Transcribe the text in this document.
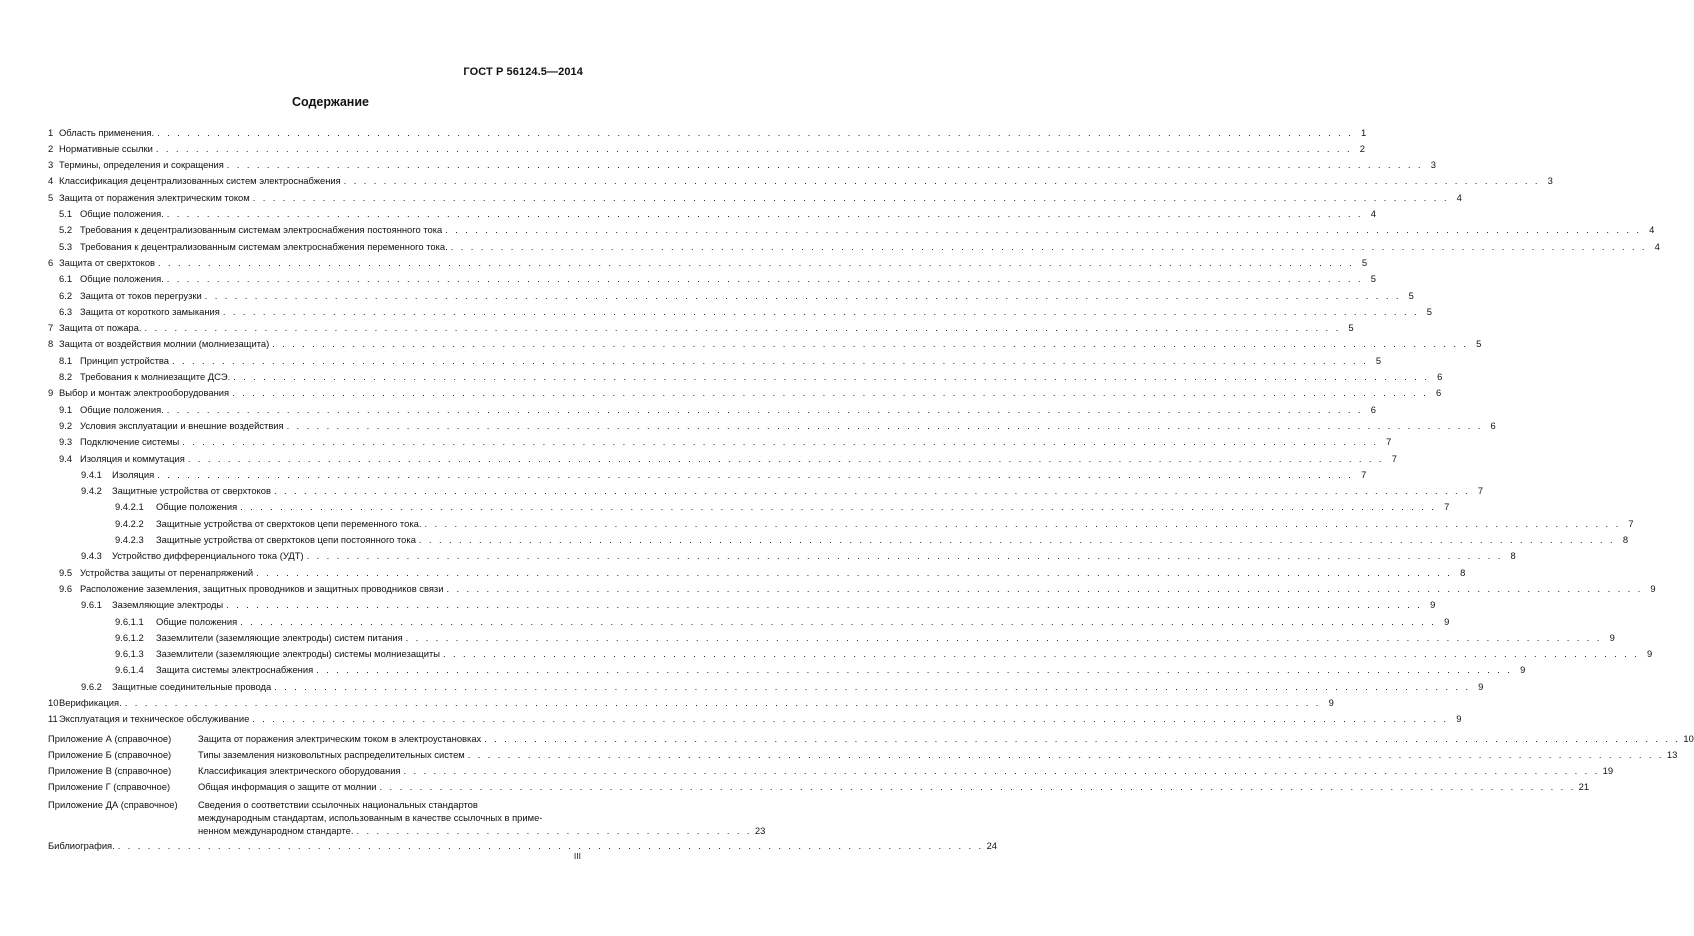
ГОСТ Р 56124.5—2014
Содержание
1 Область применения. . . . . . . . . . . . . . . . . . . . . . . . . . . . . . . . . . . . . . . . . . . . . . . . . . . . . . . . . . . . . . . . . . . . . . . . . . . . . . . . . . . . . . . . . . . . . . . . . . . . . . . . . . . . . . . . . . . . . . . . . 1
2 Нормативные ссылки . . . . . . . . . . . . . . . . . . . . . . . . . . . . . . . . . . . . . . . . . . . . . . . . . . . . . . . . . . . . . . . . . . . . . . . . . . . . . . . . . . . . . . . . . . . . . . . . . . . . . . . . . . . . . . . . . . . . . . . . 2
3 Термины, определения и сокращения . . . . . . . . . . . . . . . . . . . . . . . . . . . . . . . . . . . . . . . . . . . . . . . . . . . . . . . . . . . . . . . . . . . . . . . . . . . . . . . . . . . . . . . . . . . . . . . . . . . . . . . . . . . . . . . . . . . . . . . . 3
4 Классификация децентрализованных систем электроснабжения . . . . . . . . . . . . . . . . . . . . . . . . . . . . . . . . . . . . . . . . . . . . . . . . . . . . . . . . . . . . . . . . . . . . . . . . . . . . . . . . . . . . . . . . . . . . . . . . . . . . . . . . . . . . . . . . . . . . . . . . 3
5 Защита от поражения электрическим током . . . . . . . . . . . . . . . . . . . . . . . . . . . . . . . . . . . . . . . . . . . . . . . . . . . . . . . . . . . . . . . . . . . . . . . . . . . . . . . . . . . . . . . . . . . . . . . . . . . . . . . . . . . . . . . . . . . . . . . . 4
5.1 Общие положения. . . . . . . . . . . . . . . . . . . . . . . . . . . . . . . . . . . . . . . . . . . . . . . . . . . . . . . . . . . . . . . . . . . . . . . . . . . . . . . . . . . . . . . . . . . . . . . . . . . . . . . . . . . . . . . . . . . . . . . . . 4
5.2 Требования к децентрализованным системам электроснабжения постоянного тока . . . . . . . . . . . . . . . . . . . . . . . . . . . . . . . . . . . . . . . . . . . . . . . . . . . . . . . . . . . . . . . . . . . . . . . . . . . . . . . . . . . . . . . . . . . . . . . . . . . . . . . . . . . . . . . . . . . . . . . . 4
5.3 Требования к децентрализованным системам электроснабжения переменного тока. . . . . . . . . . . . . . . . . . . . . . . . . . . . . . . . . . . . . . . . . . . . . . . . . . . . . . . . . . . . . . . . . . . . . . . . . . . . . . . . . . . . . . . . . . . . . . . . . . . . . . . . . . . . . . . . . . . . . . . . . 4
6 Защита от сверхтоков . . . . . . . . . . . . . . . . . . . . . . . . . . . . . . . . . . . . . . . . . . . . . . . . . . . . . . . . . . . . . . . . . . . . . . . . . . . . . . . . . . . . . . . . . . . . . . . . . . . . . . . . . . . . . . . . . . . . . . . . 5
6.1 Общие положения. . . . . . . . . . . . . . . . . . . . . . . . . . . . . . . . . . . . . . . . . . . . . . . . . . . . . . . . . . . . . . . . . . . . . . . . . . . . . . . . . . . . . . . . . . . . . . . . . . . . . . . . . . . . . . . . . . . . . . . . . 5
6.2 Защита от токов перегрузки . . . . . . . . . . . . . . . . . . . . . . . . . . . . . . . . . . . . . . . . . . . . . . . . . . . . . . . . . . . . . . . . . . . . . . . . . . . . . . . . . . . . . . . . . . . . . . . . . . . . . . . . . . . . . . . . . . . . . . . . 5
6.3 Защита от короткого замыкания . . . . . . . . . . . . . . . . . . . . . . . . . . . . . . . . . . . . . . . . . . . . . . . . . . . . . . . . . . . . . . . . . . . . . . . . . . . . . . . . . . . . . . . . . . . . . . . . . . . . . . . . . . . . . . . . . . . . . . . . 5
7 Защита от пожара. . . . . . . . . . . . . . . . . . . . . . . . . . . . . . . . . . . . . . . . . . . . . . . . . . . . . . . . . . . . . . . . . . . . . . . . . . . . . . . . . . . . . . . . . . . . . . . . . . . . . . . . . . . . . . . . . . . . . . . . . 5
8 Защита от воздействия молнии (молниезащита) . . . . . . . . . . . . . . . . . . . . . . . . . . . . . . . . . . . . . . . . . . . . . . . . . . . . . . . . . . . . . . . . . . . . . . . . . . . . . . . . . . . . . . . . . . . . . . . . . . . . . . . . . . . . . . . . . . . . . . . . 5
8.1 Принцип устройства . . . . . . . . . . . . . . . . . . . . . . . . . . . . . . . . . . . . . . . . . . . . . . . . . . . . . . . . . . . . . . . . . . . . . . . . . . . . . . . . . . . . . . . . . . . . . . . . . . . . . . . . . . . . . . . . . . . . . . . . 5
8.2 Требования к молниезащите ДСЭ. . . . . . . . . . . . . . . . . . . . . . . . . . . . . . . . . . . . . . . . . . . . . . . . . . . . . . . . . . . . . . . . . . . . . . . . . . . . . . . . . . . . . . . . . . . . . . . . . . . . . . . . . . . . . . . . . . . . . . . . . 6
9 Выбор и монтаж электрооборудования . . . . . . . . . . . . . . . . . . . . . . . . . . . . . . . . . . . . . . . . . . . . . . . . . . . . . . . . . . . . . . . . . . . . . . . . . . . . . . . . . . . . . . . . . . . . . . . . . . . . . . . . . . . . . . . . . . . . . . . . 6
9.1 Общие положения. . . . . . . . . . . . . . . . . . . . . . . . . . . . . . . . . . . . . . . . . . . . . . . . . . . . . . . . . . . . . . . . . . . . . . . . . . . . . . . . . . . . . . . . . . . . . . . . . . . . . . . . . . . . . . . . . . . . . . . . . 6
9.2 Условия эксплуатации и внешние воздействия . . . . . . . . . . . . . . . . . . . . . . . . . . . . . . . . . . . . . . . . . . . . . . . . . . . . . . . . . . . . . . . . . . . . . . . . . . . . . . . . . . . . . . . . . . . . . . . . . . . . . . . . . . . . . . . . . . . . . . . . 6
9.3 Подключение системы . . . . . . . . . . . . . . . . . . . . . . . . . . . . . . . . . . . . . . . . . . . . . . . . . . . . . . . . . . . . . . . . . . . . . . . . . . . . . . . . . . . . . . . . . . . . . . . . . . . . . . . . . . . . . . . . . . . . . . . . 7
9.4 Изоляция и коммутация . . . . . . . . . . . . . . . . . . . . . . . . . . . . . . . . . . . . . . . . . . . . . . . . . . . . . . . . . . . . . . . . . . . . . . . . . . . . . . . . . . . . . . . . . . . . . . . . . . . . . . . . . . . . . . . . . . . . . . . . 7
9.4.1	Изоляция . . . . . . . . . . . . . . . . . . . . . . . . . . . . . . . . . . . . . . . . . . . . . . . . . . . . . . . . . . . . . . . . . . . . . . . . . . . . . . . . . . . . . . . . . . . . . . . . . . . . . . . . . . . . . . . . . . . . . . . . 7
9.4.2	Защитные устройства от сверхтоков . . . . . . . . . . . . . . . . . . . . . . . . . . . . . . . . . . . . . . . . . . . . . . . . . . . . . . . . . . . . . . . . . . . . . . . . . . . . . . . . . . . . . . . . . . . . . . . . . . . . . . . . . . . . . . . . . . . . . . . . 7
9.4.2.1	Общие положения . . . . . . . . . . . . . . . . . . . . . . . . . . . . . . . . . . . . . . . . . . . . . . . . . . . . . . . . . . . . . . . . . . . . . . . . . . . . . . . . . . . . . . . . . . . . . . . . . . . . . . . . . . . . . . . . . . . . . . . . 7
9.4.2.2	Защитные устройства от сверхтоков цепи переменного тока. . . . . . . . . . . . . . . . . . . . . . . . . . . . . . . . . . . . . . . . . . . . . . . . . . . . . . . . . . . . . . . . . . . . . . . . . . . . . . . . . . . . . . . . . . . . . . . . . . . . . . . . . . . . . . . . . . . . . . . . . 7
9.4.2.3	Защитные устройства от сверхтоков цепи постоянного тока . . . . . . . . . . . . . . . . . . . . . . . . . . . . . . . . . . . . . . . . . . . . . . . . . . . . . . . . . . . . . . . . . . . . . . . . . . . . . . . . . . . . . . . . . . . . . . . . . . . . . . . . . . . . . . . . . . . . . . . . 8
9.4.3	Устройство дифференциального тока (УДТ) . . . . . . . . . . . . . . . . . . . . . . . . . . . . . . . . . . . . . . . . . . . . . . . . . . . . . . . . . . . . . . . . . . . . . . . . . . . . . . . . . . . . . . . . . . . . . . . . . . . . . . . . . . . . . . . . . . . . . . . . 8
9.5 Устройства защиты от перенапряжений . . . . . . . . . . . . . . . . . . . . . . . . . . . . . . . . . . . . . . . . . . . . . . . . . . . . . . . . . . . . . . . . . . . . . . . . . . . . . . . . . . . . . . . . . . . . . . . . . . . . . . . . . . . . . . . . . . . . . . . . 8
9.6 Расположение заземления, защитных проводников и защитных проводников связи . . . . . . . . . . . . . . . . . . . . . . . . . . . . . . . . . . . . . . . . . . . . . . . . . . . . . . . . . . . . . . . . . . . . . . . . . . . . . . . . . . . . . . . . . . . . . . . . . . . . . . . . . . . . . . . . . . . . . . . . 9
9.6.1	Заземляющие электроды . . . . . . . . . . . . . . . . . . . . . . . . . . . . . . . . . . . . . . . . . . . . . . . . . . . . . . . . . . . . . . . . . . . . . . . . . . . . . . . . . . . . . . . . . . . . . . . . . . . . . . . . . . . . . . . . . . . . . . . . 9
9.6.1.1	Общие положения . . . . . . . . . . . . . . . . . . . . . . . . . . . . . . . . . . . . . . . . . . . . . . . . . . . . . . . . . . . . . . . . . . . . . . . . . . . . . . . . . . . . . . . . . . . . . . . . . . . . . . . . . . . . . . . . . . . . . . . . 9
9.6.1.2	Заземлители (заземляющие электроды) систем питания . . . . . . . . . . . . . . . . . . . . . . . . . . . . . . . . . . . . . . . . . . . . . . . . . . . . . . . . . . . . . . . . . . . . . . . . . . . . . . . . . . . . . . . . . . . . . . . . . . . . . . . . . . . . . . . . . . . . . . . . 9
9.6.1.3	Заземлители (заземляющие электроды) системы молниезащиты . . . . . . . . . . . . . . . . . . . . . . . . . . . . . . . . . . . . . . . . . . . . . . . . . . . . . . . . . . . . . . . . . . . . . . . . . . . . . . . . . . . . . . . . . . . . . . . . . . . . . . . . . . . . . . . . . . . . . . . . 9
9.6.1.4	Защита системы электроснабжения . . . . . . . . . . . . . . . . . . . . . . . . . . . . . . . . . . . . . . . . . . . . . . . . . . . . . . . . . . . . . . . . . . . . . . . . . . . . . . . . . . . . . . . . . . . . . . . . . . . . . . . . . . . . . . . . . . . . . . . . 9
9.6.2	Защитные соединительные провода . . . . . . . . . . . . . . . . . . . . . . . . . . . . . . . . . . . . . . . . . . . . . . . . . . . . . . . . . . . . . . . . . . . . . . . . . . . . . . . . . . . . . . . . . . . . . . . . . . . . . . . . . . . . . . . . . . . . . . . . 9
10 Верификация. . . . . . . . . . . . . . . . . . . . . . . . . . . . . . . . . . . . . . . . . . . . . . . . . . . . . . . . . . . . . . . . . . . . . . . . . . . . . . . . . . . . . . . . . . . . . . . . . . . . . . . . . . . . . . . . . . . . . . . . . 9
11 Эксплуатация и техническое обслуживание . . . . . . . . . . . . . . . . . . . . . . . . . . . . . . . . . . . . . . . . . . . . . . . . . . . . . . . . . . . . . . . . . . . . . . . . . . . . . . . . . . . . . . . . . . . . . . . . . . . . . . . . . . . . . . . . . . . . . . . . 9
Приложение А (справочное)	Защита от поражения электрическим током в электроустановках . . . . . . . . . . . . . . . . . . . . . . . . . . . . . . . . . . . . . . . . . . . . . . . . . . . . . . . . . . . . . . . . . . . . . . . . . . . . . . . . . . . . . . . . . . . . . . . . . . . . . . . . . . . . . . . . . . . . . . . . 10
Приложение Б (справочное)	Типы заземления низковольтных распределительных систем . . . . . . . . . . . . . . . . . . . . . . . . . . . . . . . . . . . . . . . . . . . . . . . . . . . . . . . . . . . . . . . . . . . . . . . . . . . . . . . . . . . . . . . . . . . . . . . . . . . . . . . . . . . . . . . . . . . . . . . . 13
Приложение В (справочное)	Классификация электрического оборудования . . . . . . . . . . . . . . . . . . . . . . . . . . . . . . . . . . . . . . . . . . . . . . . . . . . . . . . . . . . . . . . . . . . . . . . . . . . . . . . . . . . . . . . . . . . . . . . . . . . . . . . . . . . . . . . . . . . . . . . . 19
Приложение Г (справочное)	Общая информация о защите от молнии . . . . . . . . . . . . . . . . . . . . . . . . . . . . . . . . . . . . . . . . . . . . . . . . . . . . . . . . . . . . . . . . . . . . . . . . . . . . . . . . . . . . . . . . . . . . . . . . . . . . . . . . . . . . . . . . . . . . . . . . 21
Приложение ДА (справочное)	Сведения о соответствии ссылочных национальных стандартов
международным стандартам, использованным в качестве ссылочных в приме-
ненном международном стандарте. . . . . . . . . . . . . . . . . . . . . . . . . . . . . . . . . . . . . . . . . 23
Библиография. . . . . . . . . . . . . . . . . . . . . . . . . . . . . . . . . . . . . . . . . . . . . . . . . . . . . . . . . . . . . . . . . . . . . . . . . . . . . . . . . . . . . . . . 24
III
